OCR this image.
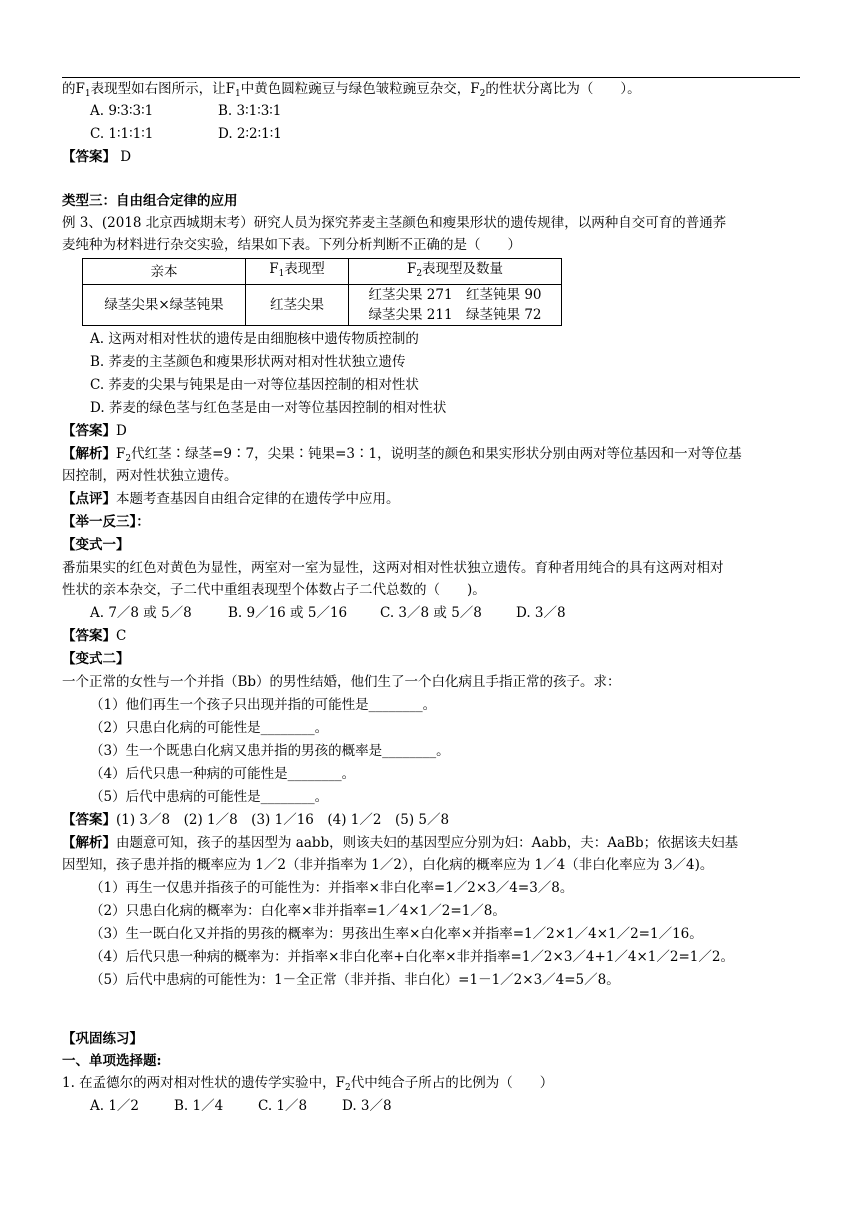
的$F_1$表现型如右图所示，让$F_1$中黄色圆粒豌豆与绿色皱粒豌豆杂交，$F_2$的性状分离比为（　　）。
A. 9∶3∶3∶1	B. 3∶1∶3∶1
C. 1∶1∶1∶1	D. 2∶2∶1∶1
【答案】 D
类型三：自由组合定律的应用
例 3、(2018 北京西城期末考）研究人员为探究荞麦主茎颜色和瘦果形状的遗传规律，以两种自交可育的普通荞
麦纯种为材料进行杂交实验，结果如下表。下列分析判断不正确的是（　　）
亲本	$F_1$表现型	$F_2$表现型及数量
绿茎尖果×绿茎钝果	红茎尖果	红茎尖果 271　红茎钝果 90
绿茎尖果 211　绿茎钝果 72
A. 这两对相对性状的遗传是由细胞核中遗传物质控制的
B. 荞麦的主茎颜色和瘦果形状两对相对性状独立遗传
C. 荞麦的尖果与钝果是由一对等位基因控制的相对性状
D. 荞麦的绿色茎与红色茎是由一对等位基因控制的相对性状
【答案】D
【解析】$F_2$代红茎∶绿茎=9∶7，尖果∶钝果=3∶1，说明茎的颜色和果实形状分别由两对等位基因和一对等位基
因控制，两对性状独立遗传。
【点评】本题考查基因自由组合定律的在遗传学中应用。
【举一反三】：
【变式一】
番茄果实的红色对黄色为显性，两室对一室为显性，这两对相对性状独立遗传。育种者用纯合的具有这两对相对
性状的亲本杂交，子二代中重组表现型个体数占子二代总数的（　　)。
A. 7／8 或 5／8	B. 9／16 或 5／16 C. 3／8 或 5／8	D. 3／8
【答案】C
【变式二】
一个正常的女性与一个并指（Bb）的男性结婚，他们生了一个白化病且手指正常的孩子。求：
（1）他们再生一个孩子只出现并指的可能性是________。
（2）只患白化病的可能性是________。
（3）生一个既患白化病又患并指的男孩的概率是________。
（4）后代只患一种病的可能性是________。
（5）后代中患病的可能性是________。
【答案】(1) 3／8　(2) 1／8　(3) 1／16　(4) 1／2　(5) 5／8
【解析】由题意可知，孩子的基因型为 aabb，则该夫妇的基因型应分别为妇：Aabb，夫：AaBb；依据该夫妇基
因型知，孩子患并指的概率应为 1／2（非并指率为 1／2），白化病的概率应为 1／4（非白化率应为 3／4)。
（1）再生一仅患并指孩子的可能性为：并指率×非白化率=1／2×3／4=3／8。
（2）只患白化病的概率为：白化率×非并指率=1／4×1／2=1／8。
（3）生一既白化又并指的男孩的概率为：男孩出生率×白化率×并指率=1／2×1／4×1／2=1／16。
（4）后代只患一种病的概率为：并指率×非白化率+白化率×非并指率=1／2×3／4+1／4×1／2=1／2。
（5）后代中患病的可能性为：1－全正常（非并指、非白化）=1－1／2×3／4=5／8。
【巩固练习】
一、单项选择题:
1. 在孟德尔的两对相对性状的遗传学实验中，$F_2$代中纯合子所占的比例为（　　）
A. 1／2	B. 1／4	C. 1／8	D. 3／8
